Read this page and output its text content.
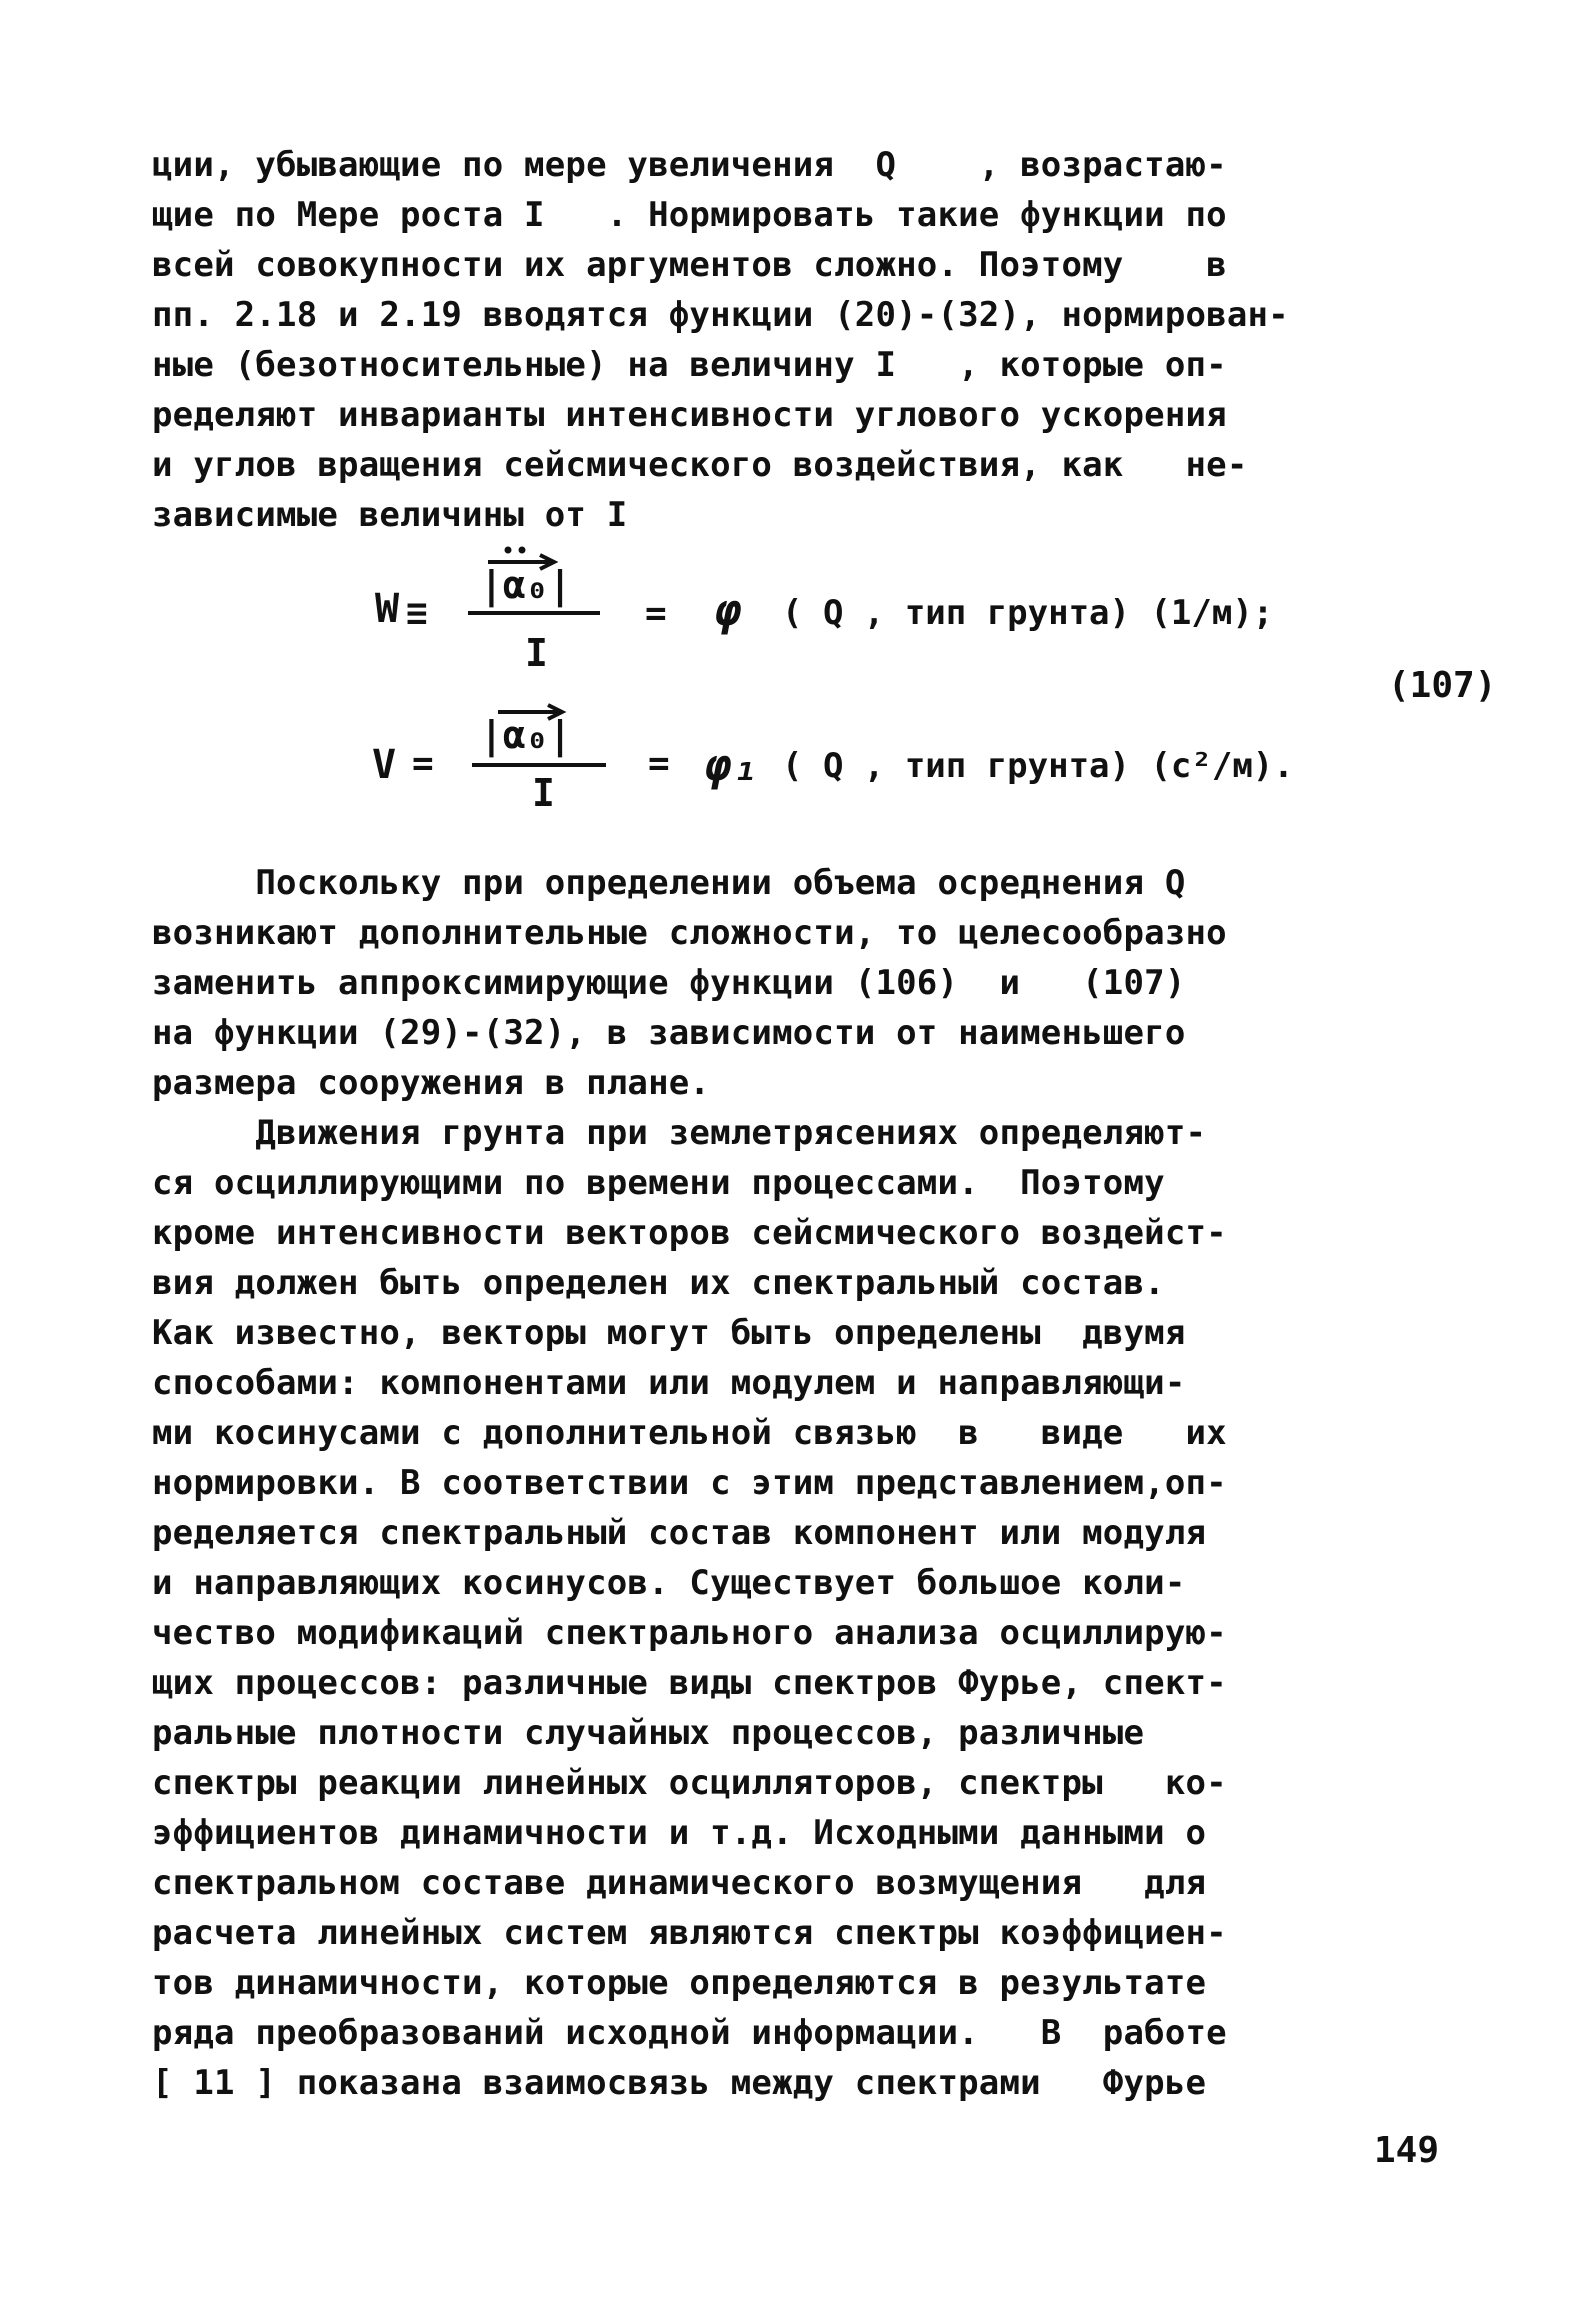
ции, убывающие по мере увеличения  Q    , возрастаю-
щие по Мере роста I   . Нормировать такие функции по
всей совокупности их аргументов сложно. Поэтому    в
пп. 2.18 и 2.19 вводятся функции (20)-(32), нормирован-
ные (безотносительные) на величину I   , которые оп-
ределяют инварианты интенсивности углового ускорения
и углов вращения сейсмического воздействия, как   не-
зависимые величины от I
W ≡
|α₀|
I
= φ ( Q , тип грунта) (1/м);
V =
|α₀|
I
= φ₁ ( Q , тип грунта) (с²/м).
(107)
Поскольку при определении объема осреднения Q
возникают дополнительные сложности, то целесообразно
заменить аппроксимирующие функции (106)  и   (107)
на функции (29)-(32), в зависимости от наименьшего
размера сооружения в плане.
Движения грунта при землетрясениях определяют-
ся осциллирующими по времени процессами.  Поэтому
кроме интенсивности векторов сейсмического воздейст-
вия должен быть определен их спектральный состав.
Как известно, векторы могут быть определены  двумя
способами: компонентами или модулем и направляющи-
ми косинусами с дополнительной связью  в   виде   их
нормировки. В соответствии с этим представлением,оп-
ределяется спектральный состав компонент или модуля
и направляющих косинусов. Существует большое коли-
чество модификаций спектрального анализа осциллирую-
щих процессов: различные виды спектров Фурье, спект-
ральные плотности случайных процессов, различные
спектры реакции линейных осцилляторов, спектры   ко-
эффициентов динамичности и т.д. Исходными данными о
спектральном составе динамического возмущения   для
расчета линейных систем являются спектры коэффициен-
тов динамичности, которые определяются в результате
ряда преобразований исходной информации.   В  работе
[ 11 ] показана взаимосвязь между спектрами   Фурье
149
